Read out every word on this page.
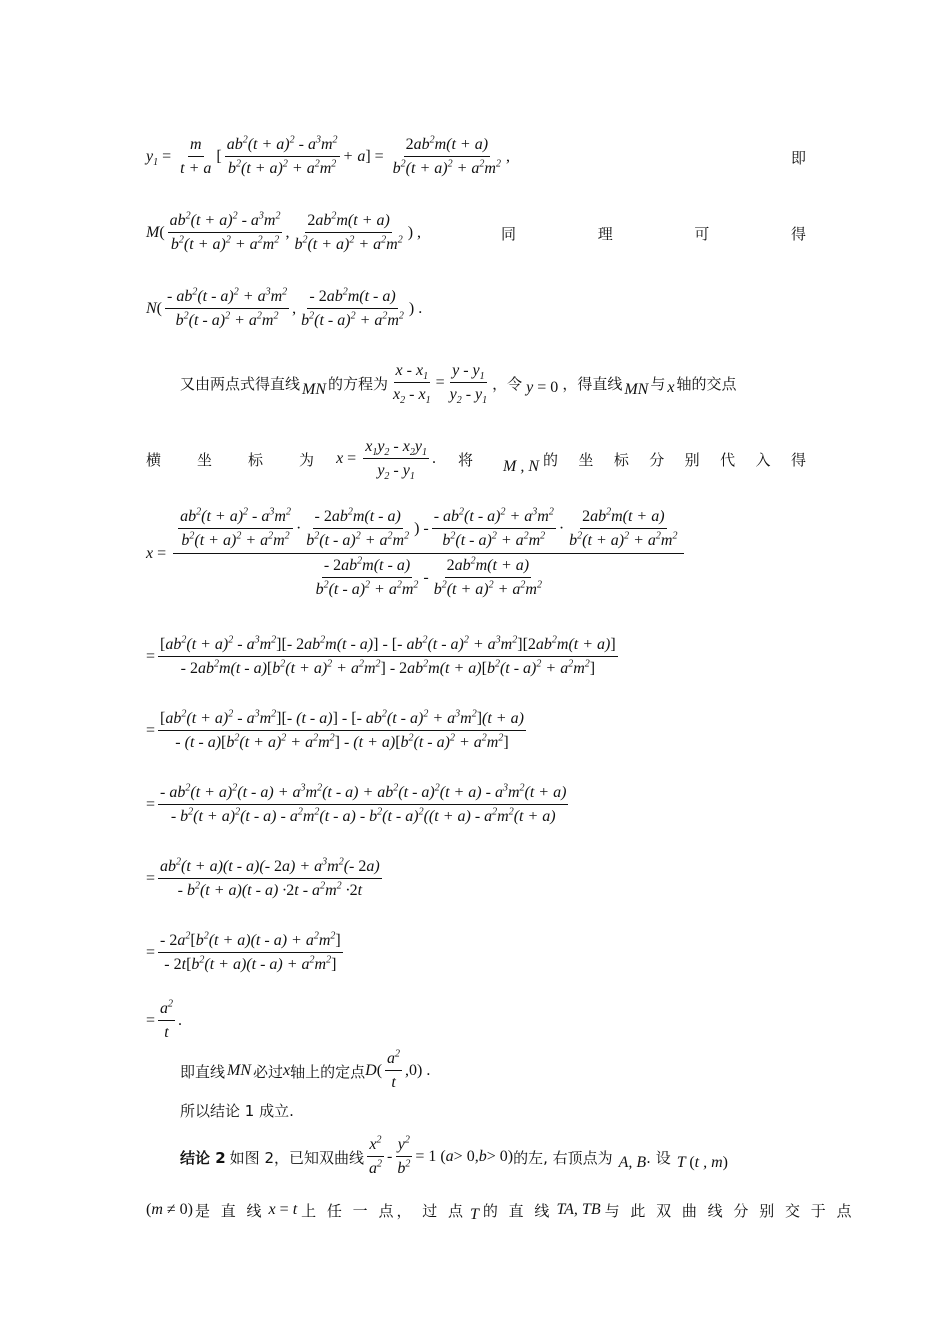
$y_1 = \frac{m}{t + a}$ [ $\frac{ab^2(t + a)^2 - a^3m^2}{b^2(t + a)^2 + a^2m^2} + a] = \frac{2ab^2m(t + a)}{b^2(t + a)^2 + a^2m^2}$ ,	即
$M( \frac{ab^2(t + a)^2 - a^3m^2}{b^2(t + a)^2 + a^2m^2}$ , $\frac{2ab^2m(t + a)}{b^2(t + a)^2 + a^2m^2}$ ) ,	同	理	可	得
$N( \frac{- ab^2(t - a)^2 + a^3m^2}{b^2(t - a)^2 + a^2m^2}$ , $\frac{- 2ab^2m(t - a)}{b^2(t - a)^2 + a^2m^2}$ ) .
又由两点式得直线 MN 的方程为 $\frac{x - x_1}{x_2 - x_1} = \frac{y - y_1}{y_2 - y_1}$ ，令 y = 0 ，得直线 MN 与 x 轴的交点
横 坐 标 为 $x = \frac{x_1y_2 - x_2y_1}{y_2 - y_1}$ . 将 M , N 的 坐 标 分 别 代 入 得
x =
$\frac{ab^2(t + a)^2 - a^3m^2}{b^2(t + a)^2 + a^2m^2} \cdot \frac{- 2ab^2m(t - a)}{b^2(t - a)^2 + a^2m^2}$ ) - $\frac{- ab^2(t - a)^2 + a^3m^2}{b^2(t - a)^2 + a^2m^2} \cdot \frac{2ab^2m(t + a)}{b^2(t + a)^2 + a^2m^2}$
$\frac{- 2ab^2m(t - a)}{b^2(t - a)^2 + a^2m^2} - \frac{2ab^2m(t + a)}{b^2(t + a)^2 + a^2m^2}$
=
$[ab^2(t + a)^2 - a^3m^2][-$ $2ab^2m(t - a)$] - [- $ab^2(t - a)^2 + a^3m^2][2ab^2m(t + a)]$
- $2ab^2m(t - a)[b^2(t + a)^2 + a^2m^2] - 2ab^2m(t + a)[b^2(t - a)^2 + a^2m^2]$
=
$[ab^2(t + a)^2 - a^3m^2][-$ (t - a)] - [- $ab^2(t - a)^2 + a^3m^2](t + a)$
- $(t - a)[b^2(t + a)^2 + a^2m^2] - (t + a)[b^2(t - a)^2 + a^2m^2]$
=
- $ab^2(t + a)^2(t - a) + a^3m^2(t - a) + ab^2(t - a)^2(t + a) - a^3m^2(t + a)$
- $b^2(t + a)^2(t - a) - a^2m^2(t - a) - b^2(t - a)^2((t + a) - a^2m^2(t + a)$
= $\frac{ab^2(t + a)(t - a)(- 2a) + a^3m^2(- 2a)}{- b^2(t + a)(t - a) \cdot 2t - a^2m^2 \cdot 2t}$
= $\frac{- 2a^2[b^2(t + a)(t - a) + a^2m^2]}{- 2t[b^2(t + a)(t - a) + a^2m^2]}$
= $\frac{a^2}{t}$ .
即直线 MN 必过 x 轴上的定点 $D( \frac{a^2}{t} ,0)$ .
所以结论 1 成立.
结论 2 如图 2，已知双曲线 $\frac{x^2}{a^2} - \frac{y^2}{b^2} = 1$ ( a > 0, b > 0) 的左, 右顶点为 A, B . 设 T (t , m)
(m ≠ 0) 是 直 线 x = t 上 任 一 点， 过 点 T 的 直 线 TA, TB 与 此 双 曲 线 分 别 交 于 点
